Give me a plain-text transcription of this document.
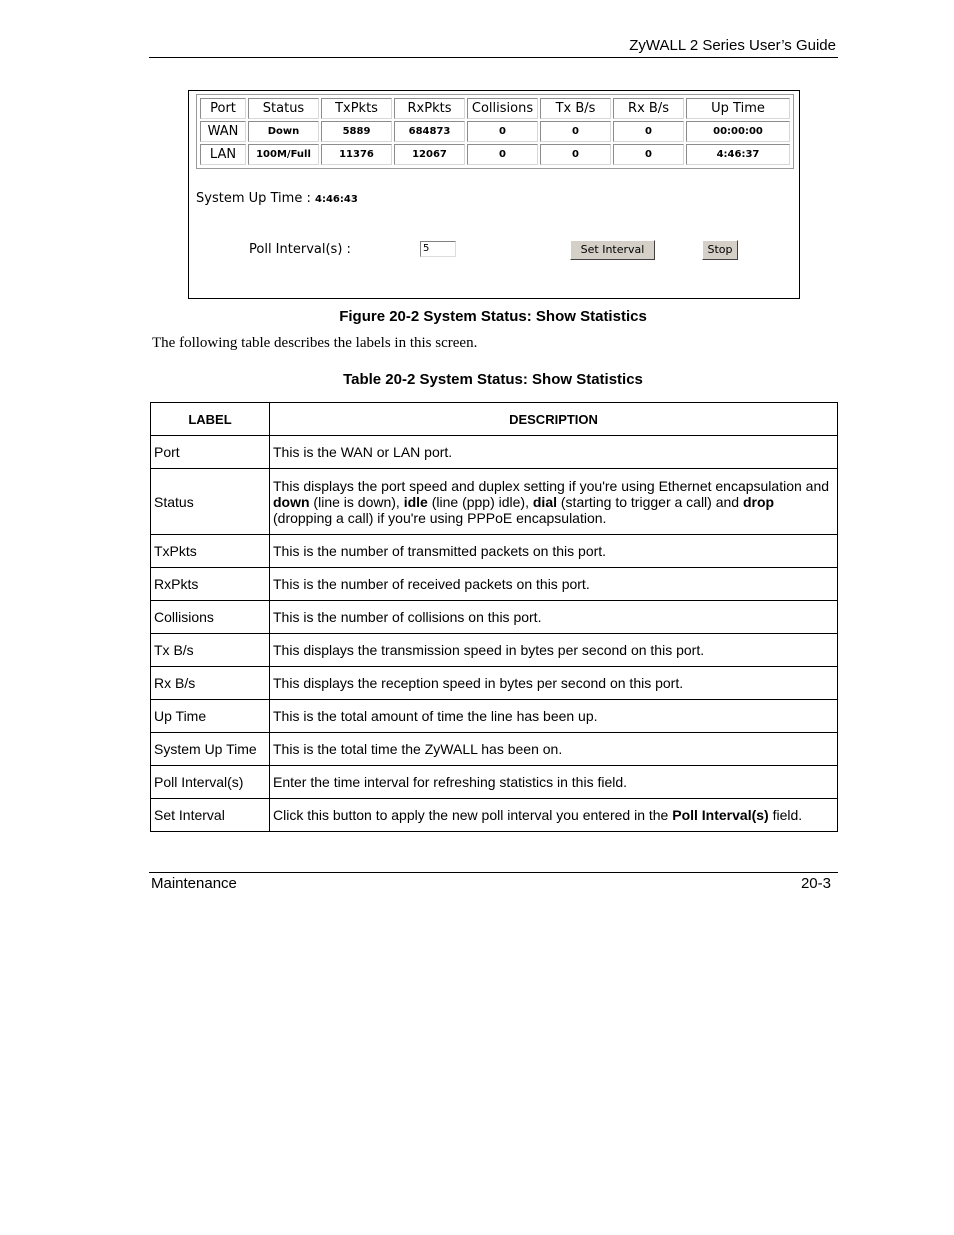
ZyWALL 2 Series User’s Guide
Port	Status	TxPkts	RxPkts	Collisions	Tx B/s	Rx B/s	Up Time
WAN	Down	5889	684873	0	0	0	00:00:00
LAN	100M/Full	11376	12067	0	0	0	4:46:37
System Up Time : 4:46:43
Poll Interval(s) :	5	Set Interval	Stop
Figure 20-2 System Status: Show Statistics
The following table describes the labels in this screen.
Table 20-2 System Status: Show Statistics
LABEL	DESCRIPTION
Port	This is the WAN or LAN port.
Status	This displays the port speed and duplex setting if you're using Ethernet encapsulation and down (line is down), idle (line (ppp) idle), dial (starting to trigger a call) and drop (dropping a call) if you're using PPPoE encapsulation.
TxPkts	This is the number of transmitted packets on this port.
RxPkts	This is the number of received packets on this port.
Collisions	This is the number of collisions on this port.
Tx B/s	This displays the transmission speed in bytes per second on this port.
Rx B/s	This displays the reception speed in bytes per second on this port.
Up Time	This is the total amount of time the line has been up.
System Up Time	This is the total time the ZyWALL has been on.
Poll Interval(s)	Enter the time interval for refreshing statistics in this field.
Set Interval	Click this button to apply the new poll interval you entered in the Poll Interval(s) field.
Maintenance	20-3
